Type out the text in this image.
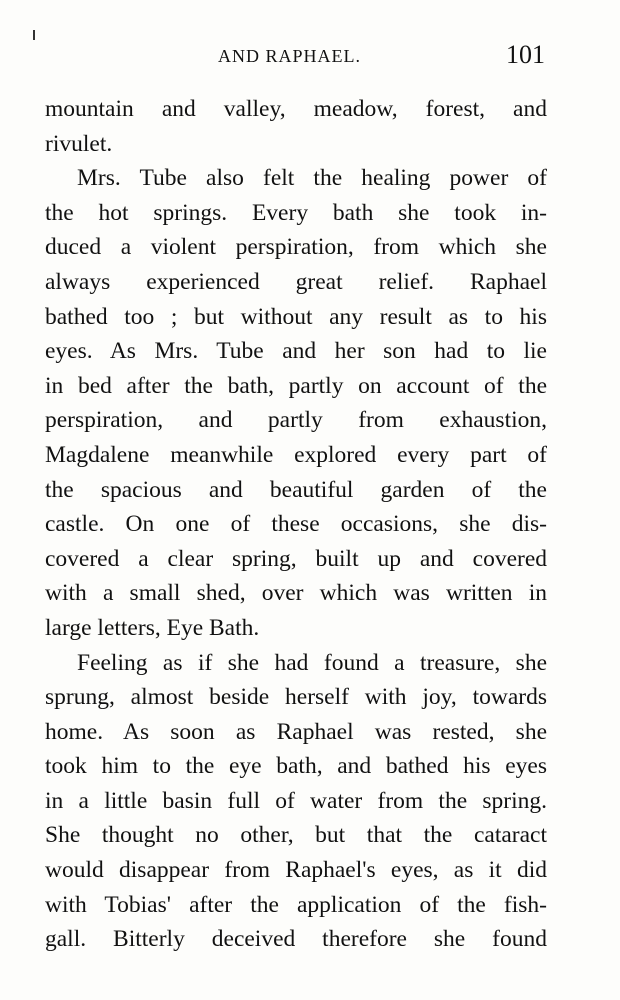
AND RAPHAEL.	101
mountain and valley, meadow, forest, and
rivulet.
Mrs. Tube also felt the healing power of
the hot springs. Every bath she took in-
duced a violent perspiration, from which she
always experienced great relief. Raphael
bathed too ; but without any result as to his
eyes. As Mrs. Tube and her son had to lie
in bed after the bath, partly on account of the
perspiration, and partly from exhaustion,
Magdalene meanwhile explored every part of
the spacious and beautiful garden of the
castle. On one of these occasions, she dis-
covered a clear spring, built up and covered
with a small shed, over which was written in
large letters, Eye Bath.
Feeling as if she had found a treasure, she
sprung, almost beside herself with joy, towards
home. As soon as Raphael was rested, she
took him to the eye bath, and bathed his eyes
in a little basin full of water from the spring.
She thought no other, but that the cataract
would disappear from Raphael's eyes, as it did
with Tobias' after the application of the fish-
gall. Bitterly deceived therefore she found
